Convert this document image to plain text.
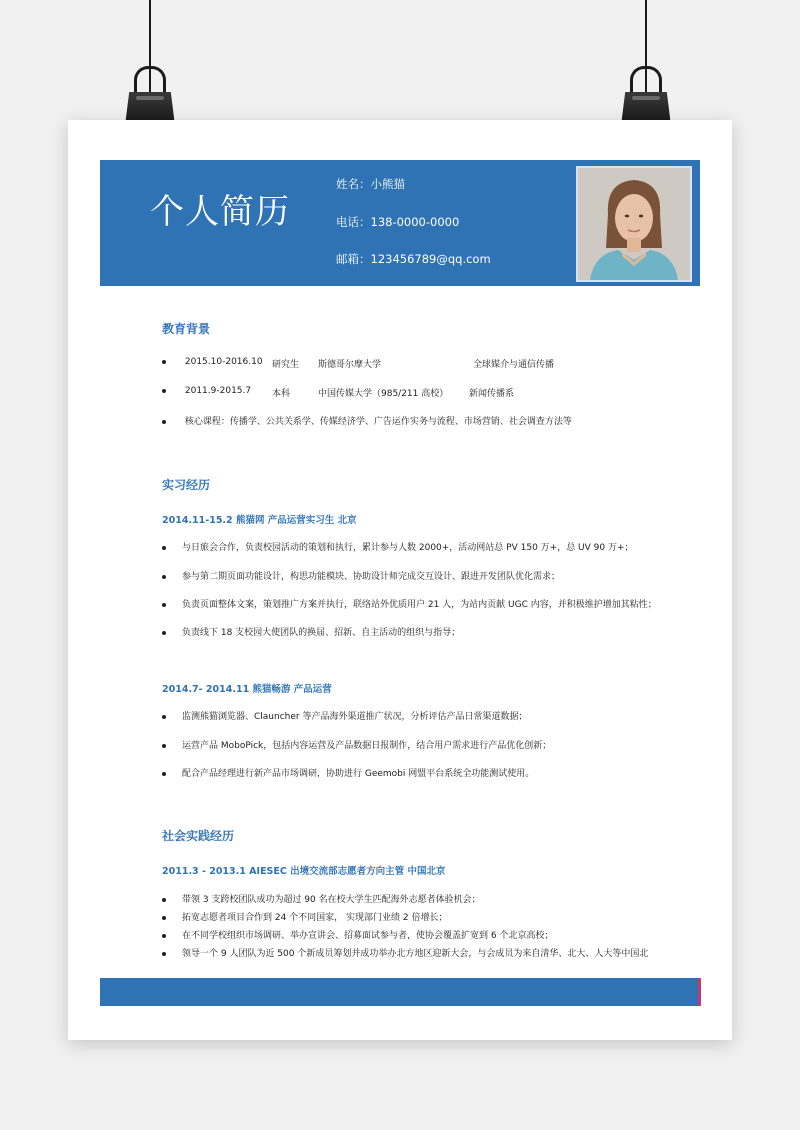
个人简历
姓名：小熊猫
电话：138-0000-0000
邮箱：123456789@qq.com
教育背景
2015.10-2016.10 研究生 斯德哥尔摩大学	全球媒介与通信传播
2011.9-2015.7 本科	中国传媒大学（985/211 高校） 新闻传播系
核心课程：传播学、公共关系学、传媒经济学、广告运作实务与流程、市场营销、社会调查方法等
实习经历
2014.11-15.2 熊猫网 产品运营实习生 北京
与日旅会合作，负责校园活动的策划和执行，累计参与人数 2000+，活动网站总 PV 150 万+，总 UV 90 万+；
参与第二期页面功能设计，构思功能模块、协助设计师完成交互设计、跟进开发团队优化需求；
负责页面整体文案，策划推广方案并执行，联络站外优质用户 21 人，为站内贡献 UGC 内容，并积极维护增加其粘性；
负责线下 18 支校园大使团队的换届、招新、自主活动的组织与指导；
2014.7- 2014.11 熊猫畅游 产品运营
监测熊猫浏览器、Clauncher 等产品海外渠道推广状况，分析评估产品日常渠道数据；
运营产品 MoboPick，包括内容运营及产品数据日报制作，结合用户需求进行产品优化创新；
配合产品经理进行新产品市场调研，协助进行 Geemobi 网盟平台系统全功能测试使用。
社会实践经历
2011.3 - 2013.1 AIESEC 出境交流部志愿者方向主管 中国北京
带领 3 支跨校团队成功为超过 90 名在校大学生匹配海外志愿者体验机会；
拓宽志愿者项目合作到 24 个不同国家， 实现部门业绩 2 倍增长；
在不同学校组织市场调研、举办宣讲会、招募面试参与者，使协会覆盖扩宽到 6 个北京高校；
领导一个 9 人团队为近 500 个新成员筹划并成功举办北方地区迎新大会，与会成员为来自清华、北大、人大等中国北
